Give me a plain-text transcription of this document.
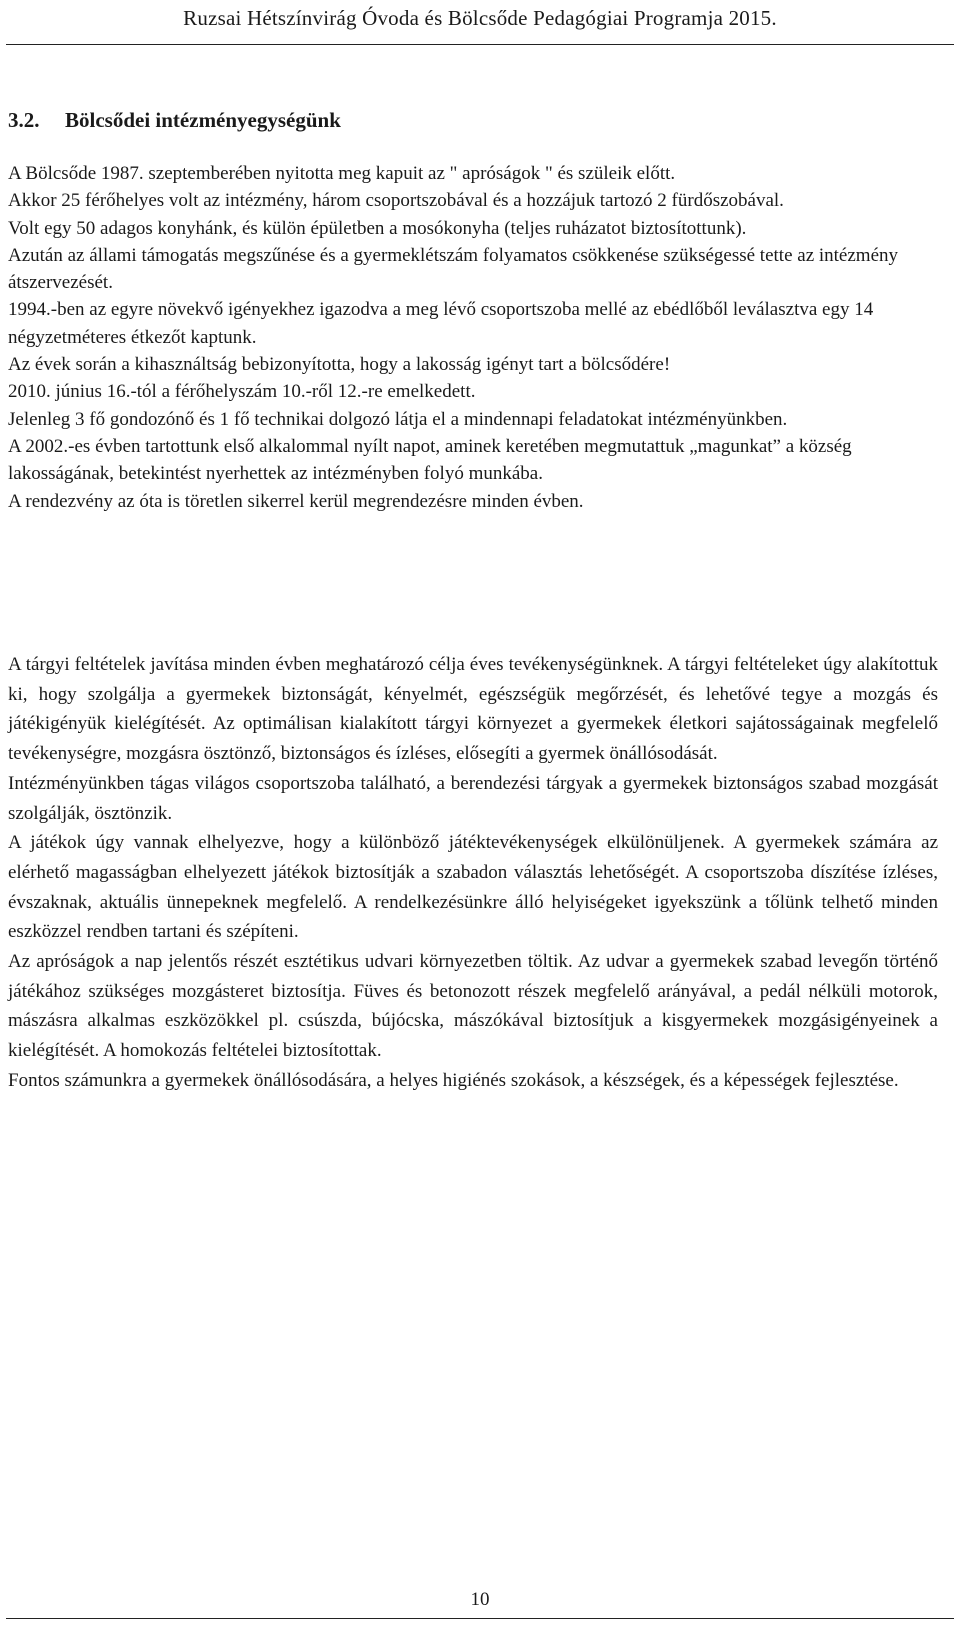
Ruzsai Hétszínvirág Óvoda és Bölcsőde Pedagógiai Programja 2015.
3.2. Bölcsődei intézményegységünk

A Bölcsőde 1987. szeptemberében nyitotta meg kapuit az " apróságok " és szüleik előtt.

Akkor 25 férőhelyes volt az intézmény, három csoportszobával és a hozzájuk tartozó 2 fürdőszobával.

Volt egy 50 adagos konyhánk, és külön épületben a mosókonyha (teljes ruházatot biztosítottunk).

Azután az állami támogatás megszűnése és a gyermeklétszám folyamatos csökkenése szükségessé tette az intézmény átszervezését.

1994.-ben az egyre növekvő igényekhez igazodva a meg lévő csoportszoba mellé az ebédlőből leválasztva egy 14 négyzetméteres étkezőt kaptunk.

Az évek során a kihasználtság bebizonyította, hogy a lakosság igényt tart a bölcsődére!

2010. június 16.-tól a férőhelyszám 10.-ről 12.-re emelkedett.

Jelenleg 3 fő gondozónő és 1 fő technikai dolgozó látja el a mindennapi feladatokat intézményünkben.

A 2002.-es évben tartottunk első alkalommal nyílt napot, aminek keretében megmutattuk „magunkat” a község lakosságának, betekintést nyerhettek az intézményben folyó munkába.

A rendezvény az óta is töretlen sikerrel kerül megrendezésre minden évben.

A tárgyi feltételek javítása minden évben meghatározó célja éves tevékenységünknek. A tárgyi feltételeket úgy alakítottuk ki, hogy szolgálja a gyermekek biztonságát, kényelmét, egészségük megőrzését, és lehetővé tegye a mozgás és játékigényük kielégítését. Az optimálisan kialakított tárgyi környezet a gyermekek életkori sajátosságainak megfelelő tevékenységre, mozgásra ösztönző, biztonságos és ízléses, elősegíti a gyermek önállósodását.

Intézményünkben tágas világos csoportszoba található, a berendezési tárgyak a gyermekek biztonságos szabad mozgását szolgálják, ösztönzik.

A játékok úgy vannak elhelyezve, hogy a különböző játéktevékenységek elkülönüljenek. A gyermekek számára az elérhető magasságban elhelyezett játékok biztosítják a szabadon választás lehetőségét. A csoportszoba díszítése ízléses, évszaknak, aktuális ünnepeknek megfelelő. A rendelkezésünkre álló helyiségeket igyekszünk a tőlünk telhető minden eszközzel rendben tartani és szépíteni.

Az apróságok a nap jelentős részét esztétikus udvari környezetben töltik. Az udvar a gyermekek szabad levegőn történő játékához szükséges mozgásteret biztosítja. Füves és betonozott részek megfelelő arányával, a pedál nélküli motorok, mászásra alkalmas eszközökkel pl. csúszda, bújócska, mászókával biztosítjuk a kisgyermekek mozgásigényeinek a kielégítését. A homokozás feltételei biztosítottak.

Fontos számunkra a gyermekek önállósodására, a helyes higiénés szokások, a készségek, és a képességek fejlesztése.

10
